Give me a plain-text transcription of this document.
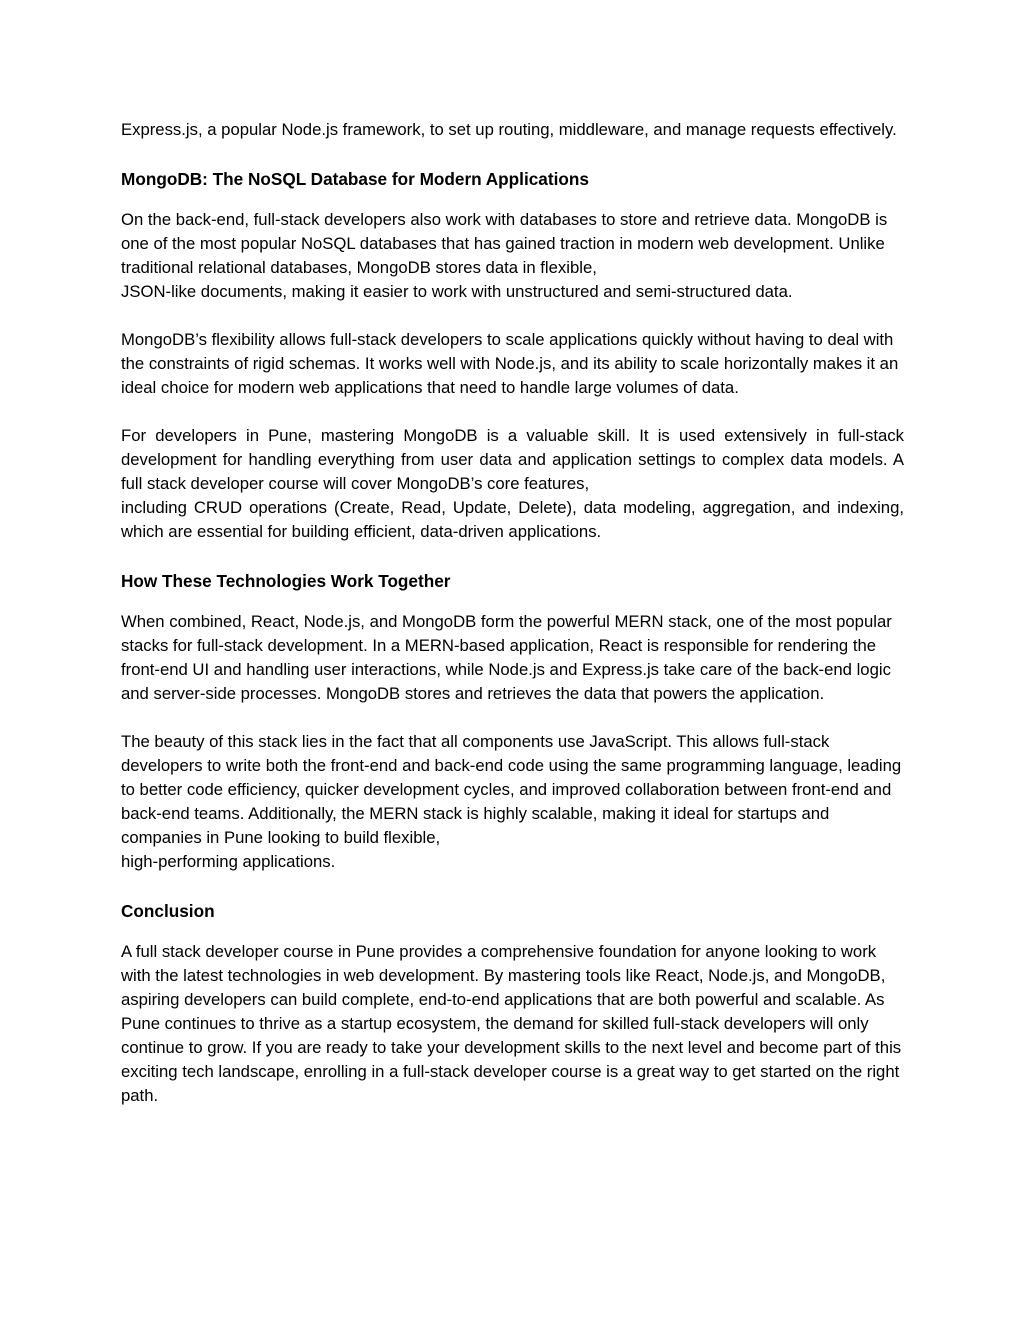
Express.js, a popular Node.js framework, to set up routing, middleware, and manage requests effectively.

MongoDB: The NoSQL Database for Modern Applications

On the back-end, full-stack developers also work with databases to store and retrieve data. MongoDB is one of the most popular NoSQL databases that has gained traction in modern web development. Unlike traditional relational databases, MongoDB stores data in flexible,
JSON-like documents, making it easier to work with unstructured and semi-structured data.

MongoDB’s flexibility allows full-stack developers to scale applications quickly without having to deal with the constraints of rigid schemas. It works well with Node.js, and its ability to scale horizontally makes it an ideal choice for modern web applications that need to handle large volumes of data.

For developers in Pune, mastering MongoDB is a valuable skill. It is used extensively in full-stack development for handling everything from user data and application settings to complex data models. A full stack developer course will cover MongoDB’s core features,
including CRUD operations (Create, Read, Update, Delete), data modeling, aggregation, and indexing, which are essential for building efficient, data-driven applications.

How These Technologies Work Together

When combined, React, Node.js, and MongoDB form the powerful MERN stack, one of the most popular stacks for full-stack development. In a MERN-based application, React is responsible for rendering the front-end UI and handling user interactions, while Node.js and Express.js take care of the back-end logic and server-side processes. MongoDB stores and retrieves the data that powers the application.

The beauty of this stack lies in the fact that all components use JavaScript. This allows full-stack developers to write both the front-end and back-end code using the same programming language, leading to better code efficiency, quicker development cycles, and improved collaboration between front-end and back-end teams. Additionally, the MERN stack is highly scalable, making it ideal for startups and companies in Pune looking to build flexible,
high-performing applications.

Conclusion

A full stack developer course in Pune provides a comprehensive foundation for anyone looking to work with the latest technologies in web development. By mastering tools like React, Node.js, and MongoDB, aspiring developers can build complete, end-to-end applications that are both powerful and scalable. As Pune continues to thrive as a startup ecosystem, the demand for skilled full-stack developers will only continue to grow. If you are ready to take your development skills to the next level and become part of this exciting tech landscape, enrolling in a full-stack developer course is a great way to get started on the right path.
